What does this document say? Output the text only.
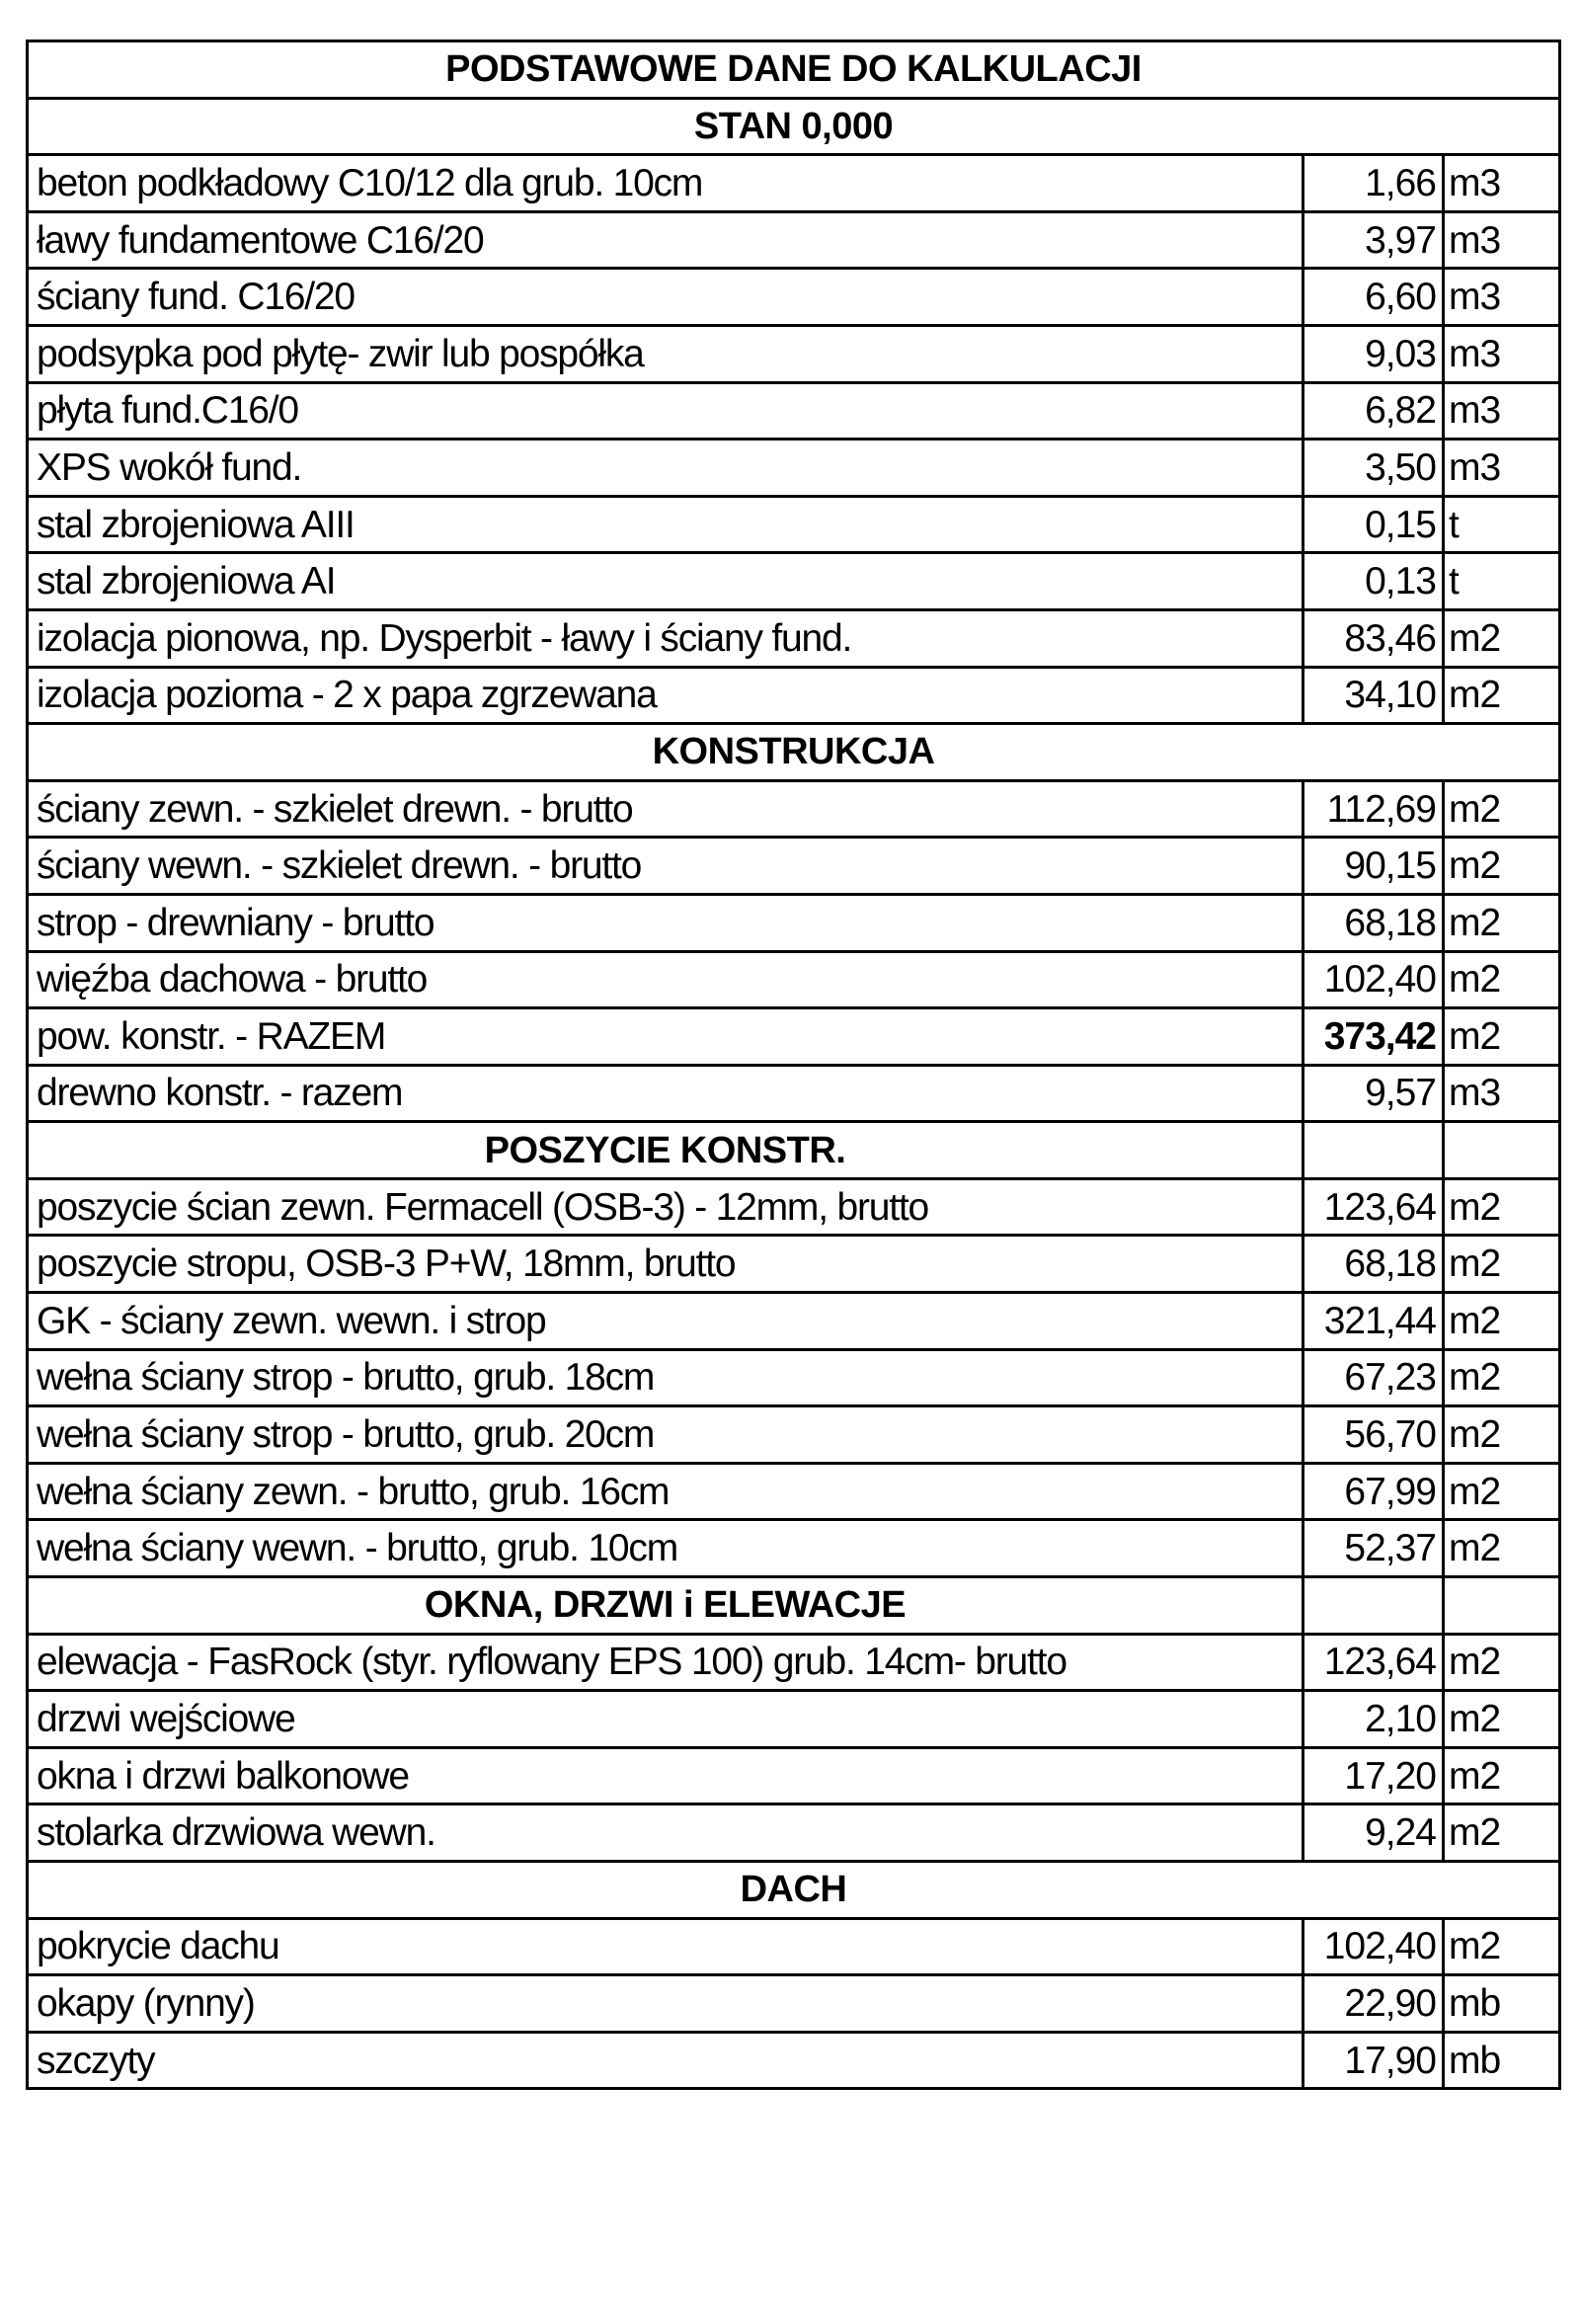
PODSTAWOWE DANE DO KALKULACJI		
STAN 0,000		
beton podkładowy C10/12 dla grub. 10cm	1,66	m3
ławy fundamentowe C16/20	3,97	m3
ściany fund. C16/20	6,60	m3
podsypka pod płytę- zwir lub pospółka	9,03	m3
płyta fund.C16/0	6,82	m3
XPS wokół fund.	3,50	m3
stal zbrojeniowa AIII	0,15	t
stal zbrojeniowa AI	0,13	t
izolacja pionowa, np. Dysperbit - ławy i ściany fund.	83,46	m2
izolacja pozioma - 2 x papa zgrzewana	34,10	m2
KONSTRUKCJA		
ściany zewn. - szkielet drewn. - brutto	112,69	m2
ściany wewn. - szkielet drewn. - brutto	90,15	m2
strop - drewniany - brutto	68,18	m2
więźba dachowa - brutto	102,40	m2
pow. konstr. - RAZEM	373,42	m2
drewno konstr. - razem	9,57	m3
POSZYCIE KONSTR.		
poszycie ścian zewn. Fermacell (OSB-3) - 12mm, brutto	123,64	m2
poszycie stropu, OSB-3 P+W, 18mm, brutto	68,18	m2
GK - ściany zewn. wewn. i strop	321,44	m2
wełna ściany strop - brutto, grub. 18cm	67,23	m2
wełna ściany strop - brutto, grub. 20cm	56,70	m2
wełna ściany zewn. - brutto, grub. 16cm	67,99	m2
wełna ściany wewn. - brutto, grub. 10cm	52,37	m2
OKNA, DRZWI i ELEWACJE		
elewacja - FasRock (styr. ryflowany EPS 100) grub. 14cm- brutto	123,64	m2
drzwi wejściowe	2,10	m2
okna i drzwi balkonowe	17,20	m2
stolarka drzwiowa wewn.	9,24	m2
DACH		
pokrycie dachu	102,40	m2
okapy (rynny)	22,90	mb
szczyty	17,90	mb
